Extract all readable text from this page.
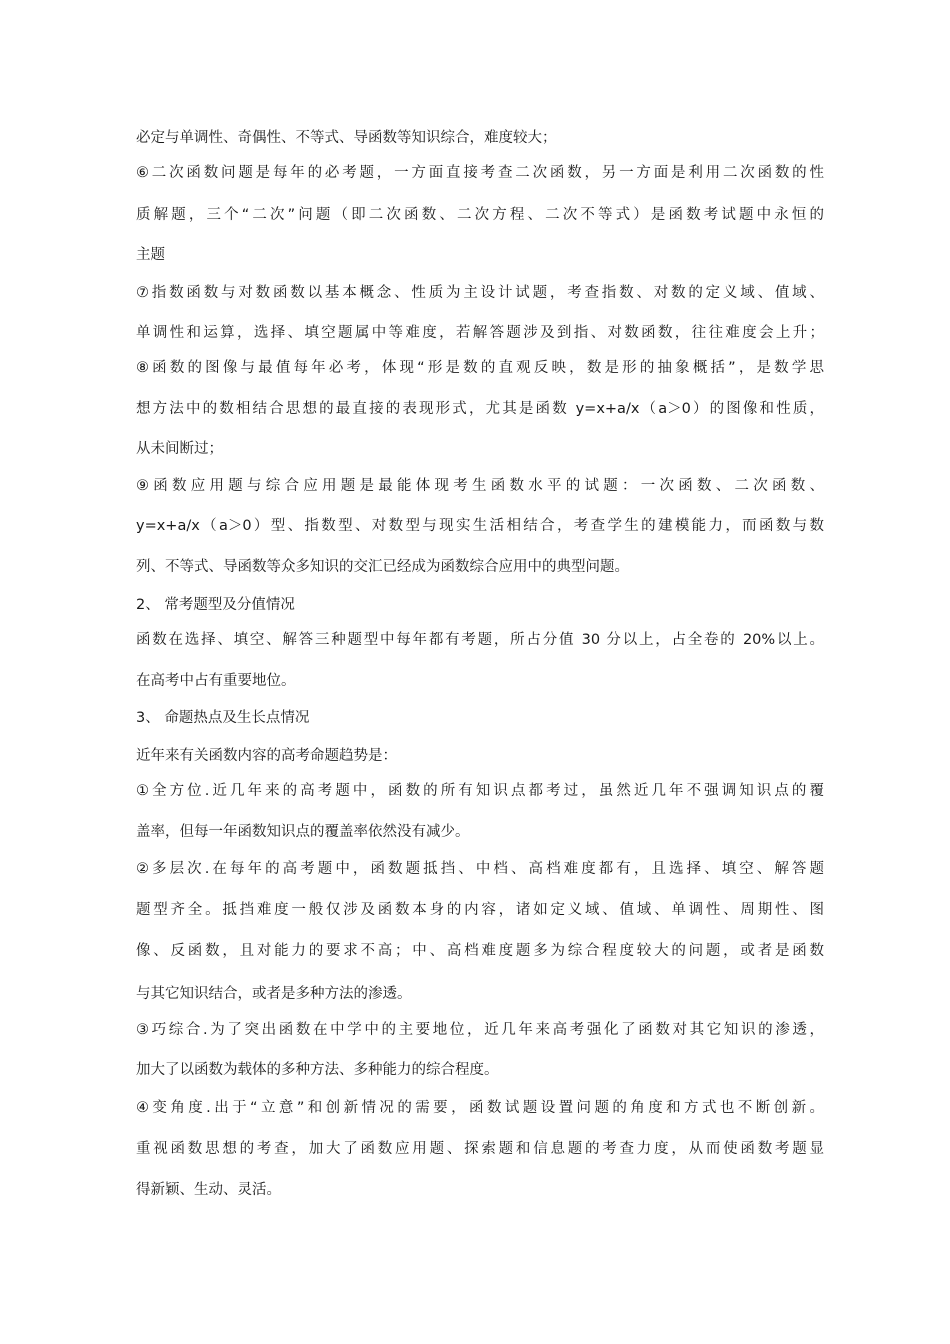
必定与单调性、奇偶性、不等式、导函数等知识综合，难度较大；
⑥二次函数问题是每年的必考题，一方面直接考查二次函数，另一方面是利用二次函数的性
质解题，三个“二次”问题（即二次函数、二次方程、二次不等式）是函数考试题中永恒的
主题
⑦指数函数与对数函数以基本概念、性质为主设计试题，考查指数、对数的定义域、值域、
单调性和运算，选择、填空题属中等难度，若解答题涉及到指、对数函数，往往难度会上升；
⑧函数的图像与最值每年必考，体现“形是数的直观反映，数是形的抽象概括”，是数学思
想方法中的数相结合思想的最直接的表现形式，尤其是函数 y=x+a/x（a＞0）的图像和性质，
从未间断过；
⑨函数应用题与综合应用题是最能体现考生函数水平的试题：一次函数、二次函数、
y=x+a/x（a＞0）型、指数型、对数型与现实生活相结合，考查学生的建模能力，而函数与数
列、不等式、导函数等众多知识的交汇已经成为函数综合应用中的典型问题。
2、 常考题型及分值情况
函数在选择、填空、解答三种题型中每年都有考题，所占分值 30 分以上，占全卷的 20%以上。
在高考中占有重要地位。
3、 命题热点及生长点情况
近年来有关函数内容的高考命题趋势是：
①全方位.近几年来的高考题中，函数的所有知识点都考过，虽然近几年不强调知识点的覆
盖率，但每一年函数知识点的覆盖率依然没有减少。
②多层次.在每年的高考题中，函数题抵挡、中档、高档难度都有，且选择、填空、解答题
题型齐全。抵挡难度一般仅涉及函数本身的内容，诸如定义域、值域、单调性、周期性、图
像、反函数，且对能力的要求不高；中、高档难度题多为综合程度较大的问题，或者是函数
与其它知识结合，或者是多种方法的渗透。
③巧综合.为了突出函数在中学中的主要地位，近几年来高考强化了函数对其它知识的渗透，
加大了以函数为载体的多种方法、多种能力的综合程度。
④变角度.出于“立意”和创新情况的需要，函数试题设置问题的角度和方式也不断创新。
重视函数思想的考查，加大了函数应用题、探索题和信息题的考查力度，从而使函数考题显
得新颖、生动、灵活。
